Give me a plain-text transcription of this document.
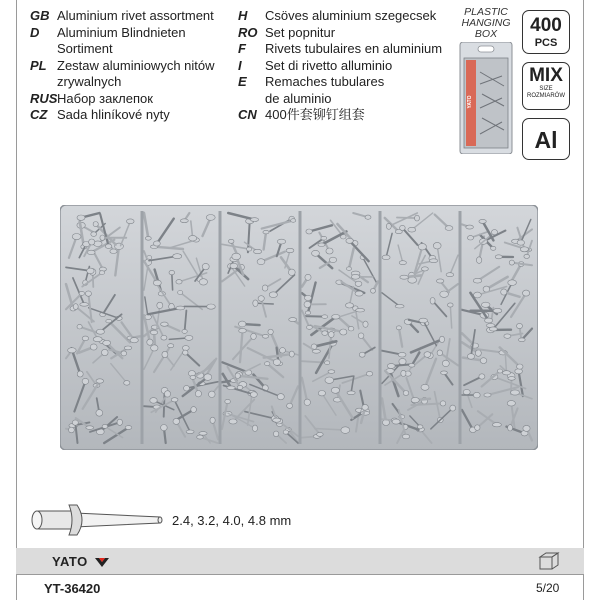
GB Aluminium rivet assortment
D	Aluminium Blindnieten
Sortiment
PL Zestaw aluminiowych nitów
zrywalnych
RUS Набор заклепок
CZ Sada hliníkové nyty
H	Csöves aluminium szegecsek
RO Set popnitur
F	Rivets tubulaires en aluminium
I	Set di rivetto alluminio
E	Remaches tubulares
de aluminio
CN 400件套铆钉组套
PLASTIC
HANGING
BOX
YATO
400
PCS
MIX
SIZE
ROZMIARÓW
Al
2.4, 3.2, 4.0, 4.8 mm
YATO
YT-36420	5/20
